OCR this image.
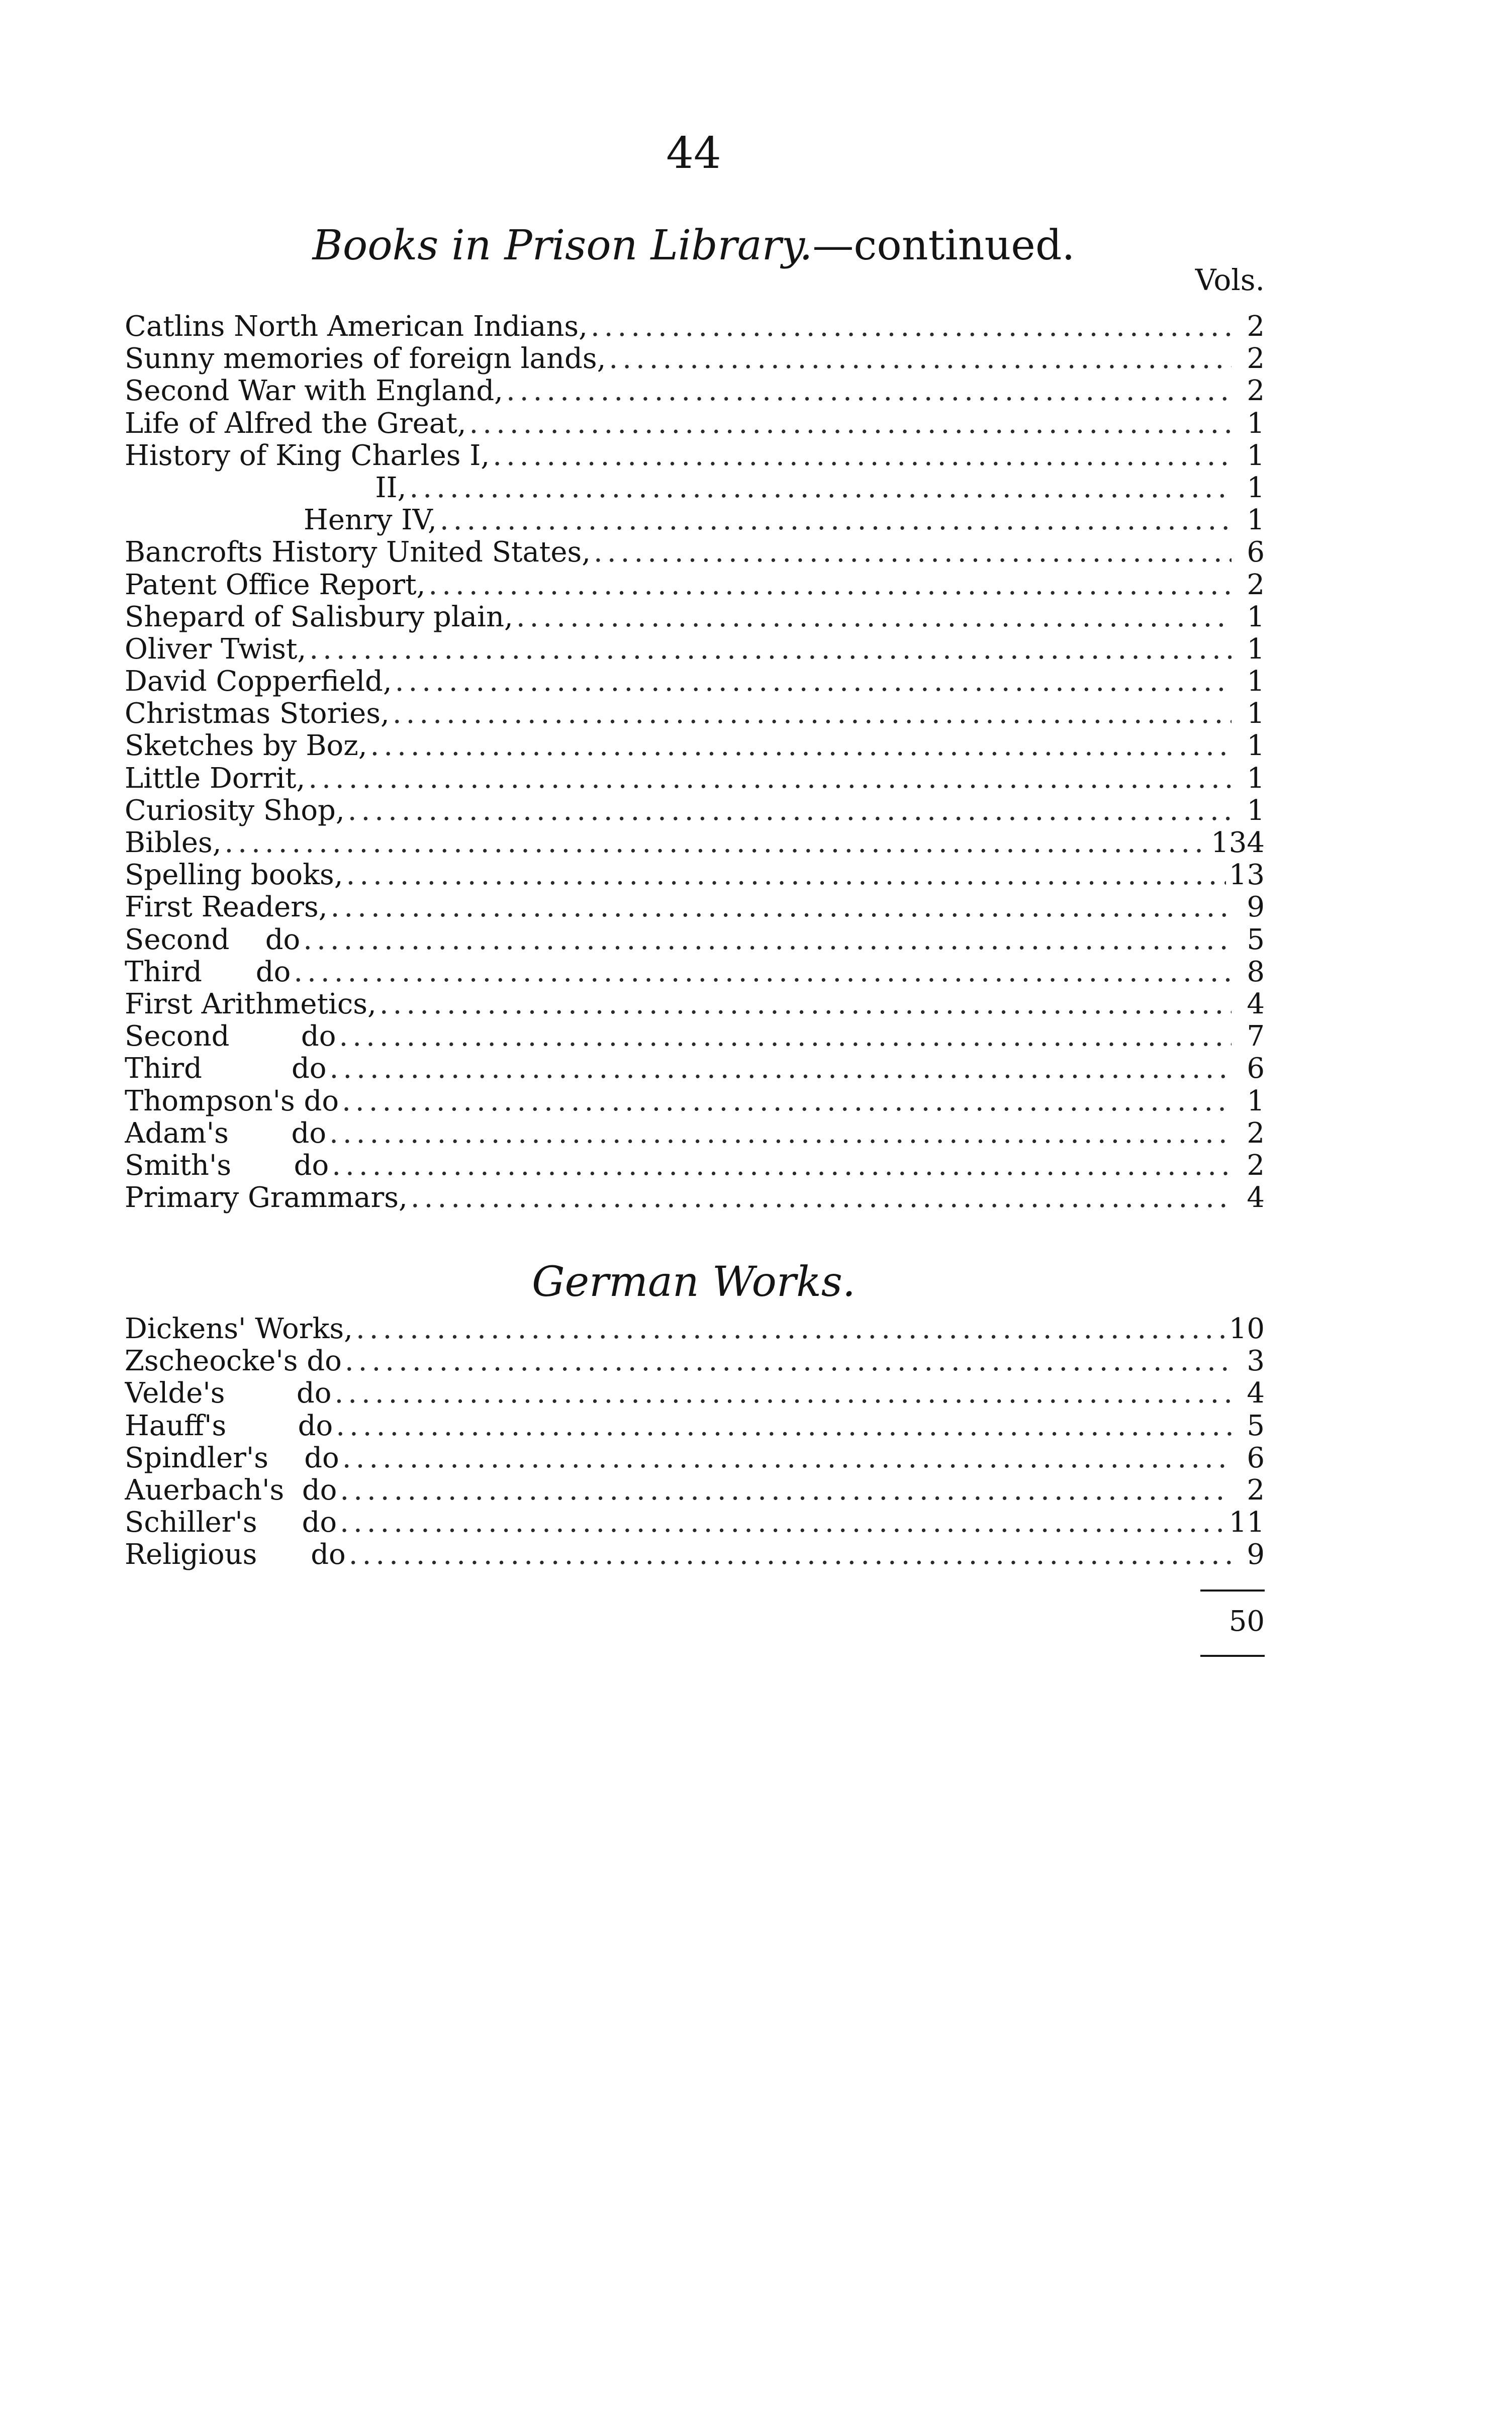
44
Books in Prison Library.—continued.
Vols.
Catlins North American Indians, .....	2
Sunny memories of foreign lands, .....	2
Second War with England, .....	2
Life of Alfred the Great, .....	1
History of King Charles I, .....	1
II, .....	1
Henry IV, .....	1
Bancrofts History United States, .....	6
Patent Office Report, .....	2
Shepard of Salisbury plain, .....	1
Oliver Twist, .....	1
David Copperfield, .....	1
Christmas Stories, .....	1
Sketches by Boz, .....	1
Little Dorrit, .....	1
Curiosity Shop, .....	1
Bibles, .....	134
Spelling books, .....	13
First Readers, .....	9
Second    do .....	5
Third      do .....	8
First Arithmetics, .....	4
Second        do .....	7
Third          do .....	6
Thompson's do .....	1
Adam's       do .....	2
Smith's       do .....	2
Primary Grammars, .....	4
German Works.
Dickens' Works, .....	10
Zscheocke's do .....	3
Velde's        do .....	4
Hauff's        do .....	5
Spindler's    do .....	6
Auerbach's  do .....	2
Schiller's     do .....	11
Religious      do .....	9
50
